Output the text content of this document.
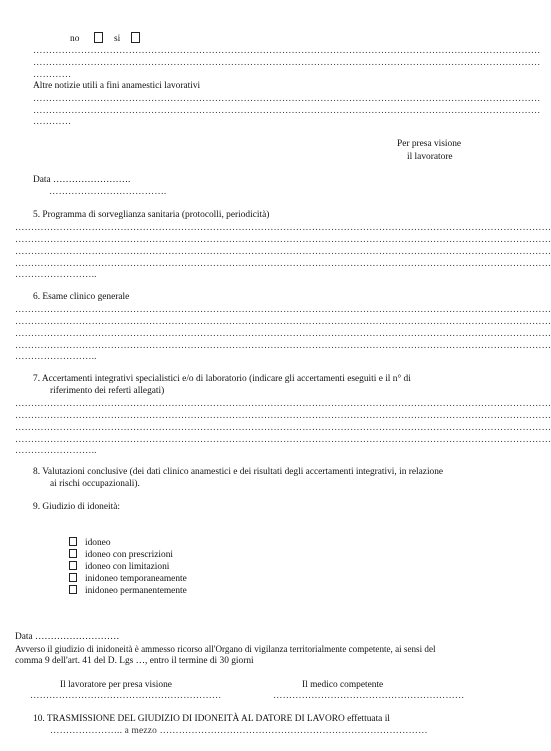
no	si
……………………………………………………………………………………………………………………………………………
……………………………………………………………………………………………………………………………………………
…………
Altre notizie utili a fini anamestici lavorativi
……………………………………………………………………………………………………………………………………………
……………………………………………………………………………………………………………………………………………
…………
Per presa visione
il lavoratore
Data …………………….
……………………………….
5. Programma di sorveglianza sanitaria (protocolli, periodicità)
……………………………………………………………………………………………………………………………………………………
……………………………………………………………………………………………………………………………………………………
……………………………………………………………………………………………………………………………………………………
……………………………………………………………………………………………………………………………………………………
……………………..
6. Esame clinico generale
……………………………………………………………………………………………………………………………………………………
……………………………………………………………………………………………………………………………………………………
……………………………………………………………………………………………………………………………………………………
……………………………………………………………………………………………………………………………………………………
……………………..
7. Accertamenti integrativi specialistici e/o di laboratorio (indicare gli accertamenti eseguiti e il n° di
riferimento dei referti allegati)
……………………………………………………………………………………………………………………………………………………
……………………………………………………………………………………………………………………………………………………
……………………………………………………………………………………………………………………………………………………
……………………………………………………………………………………………………………………………………………………
……………………..
8. Valutazioni conclusive (dei dati clinico anamestici e dei risultati degli accertamenti integrativi, in relazione
ai rischi occupazionali).
9. Giudizio di idoneità:
idoneo
idoneo con prescrizioni
idoneo con limitazioni
inidoneo temporaneamente
inidoneo permanentemente
Data ………………………
Avverso il giudizio di inidoneità è ammesso ricorso all'Organo di vigilanza territorialmente competente, ai sensi del
comma 9 dell'art. 41 del D. Lgs …, entro il termine di 30 giorni
Il lavoratore per presa visione	Il medico competente
……………………………………………………	……………………………………………………
10. TRASMISSIONE DEL GIUDIZIO DI IDONEITÀ AL DATORE DI LAVORO effettuata il
………………….. a mezzo …………………………………………………………………………
